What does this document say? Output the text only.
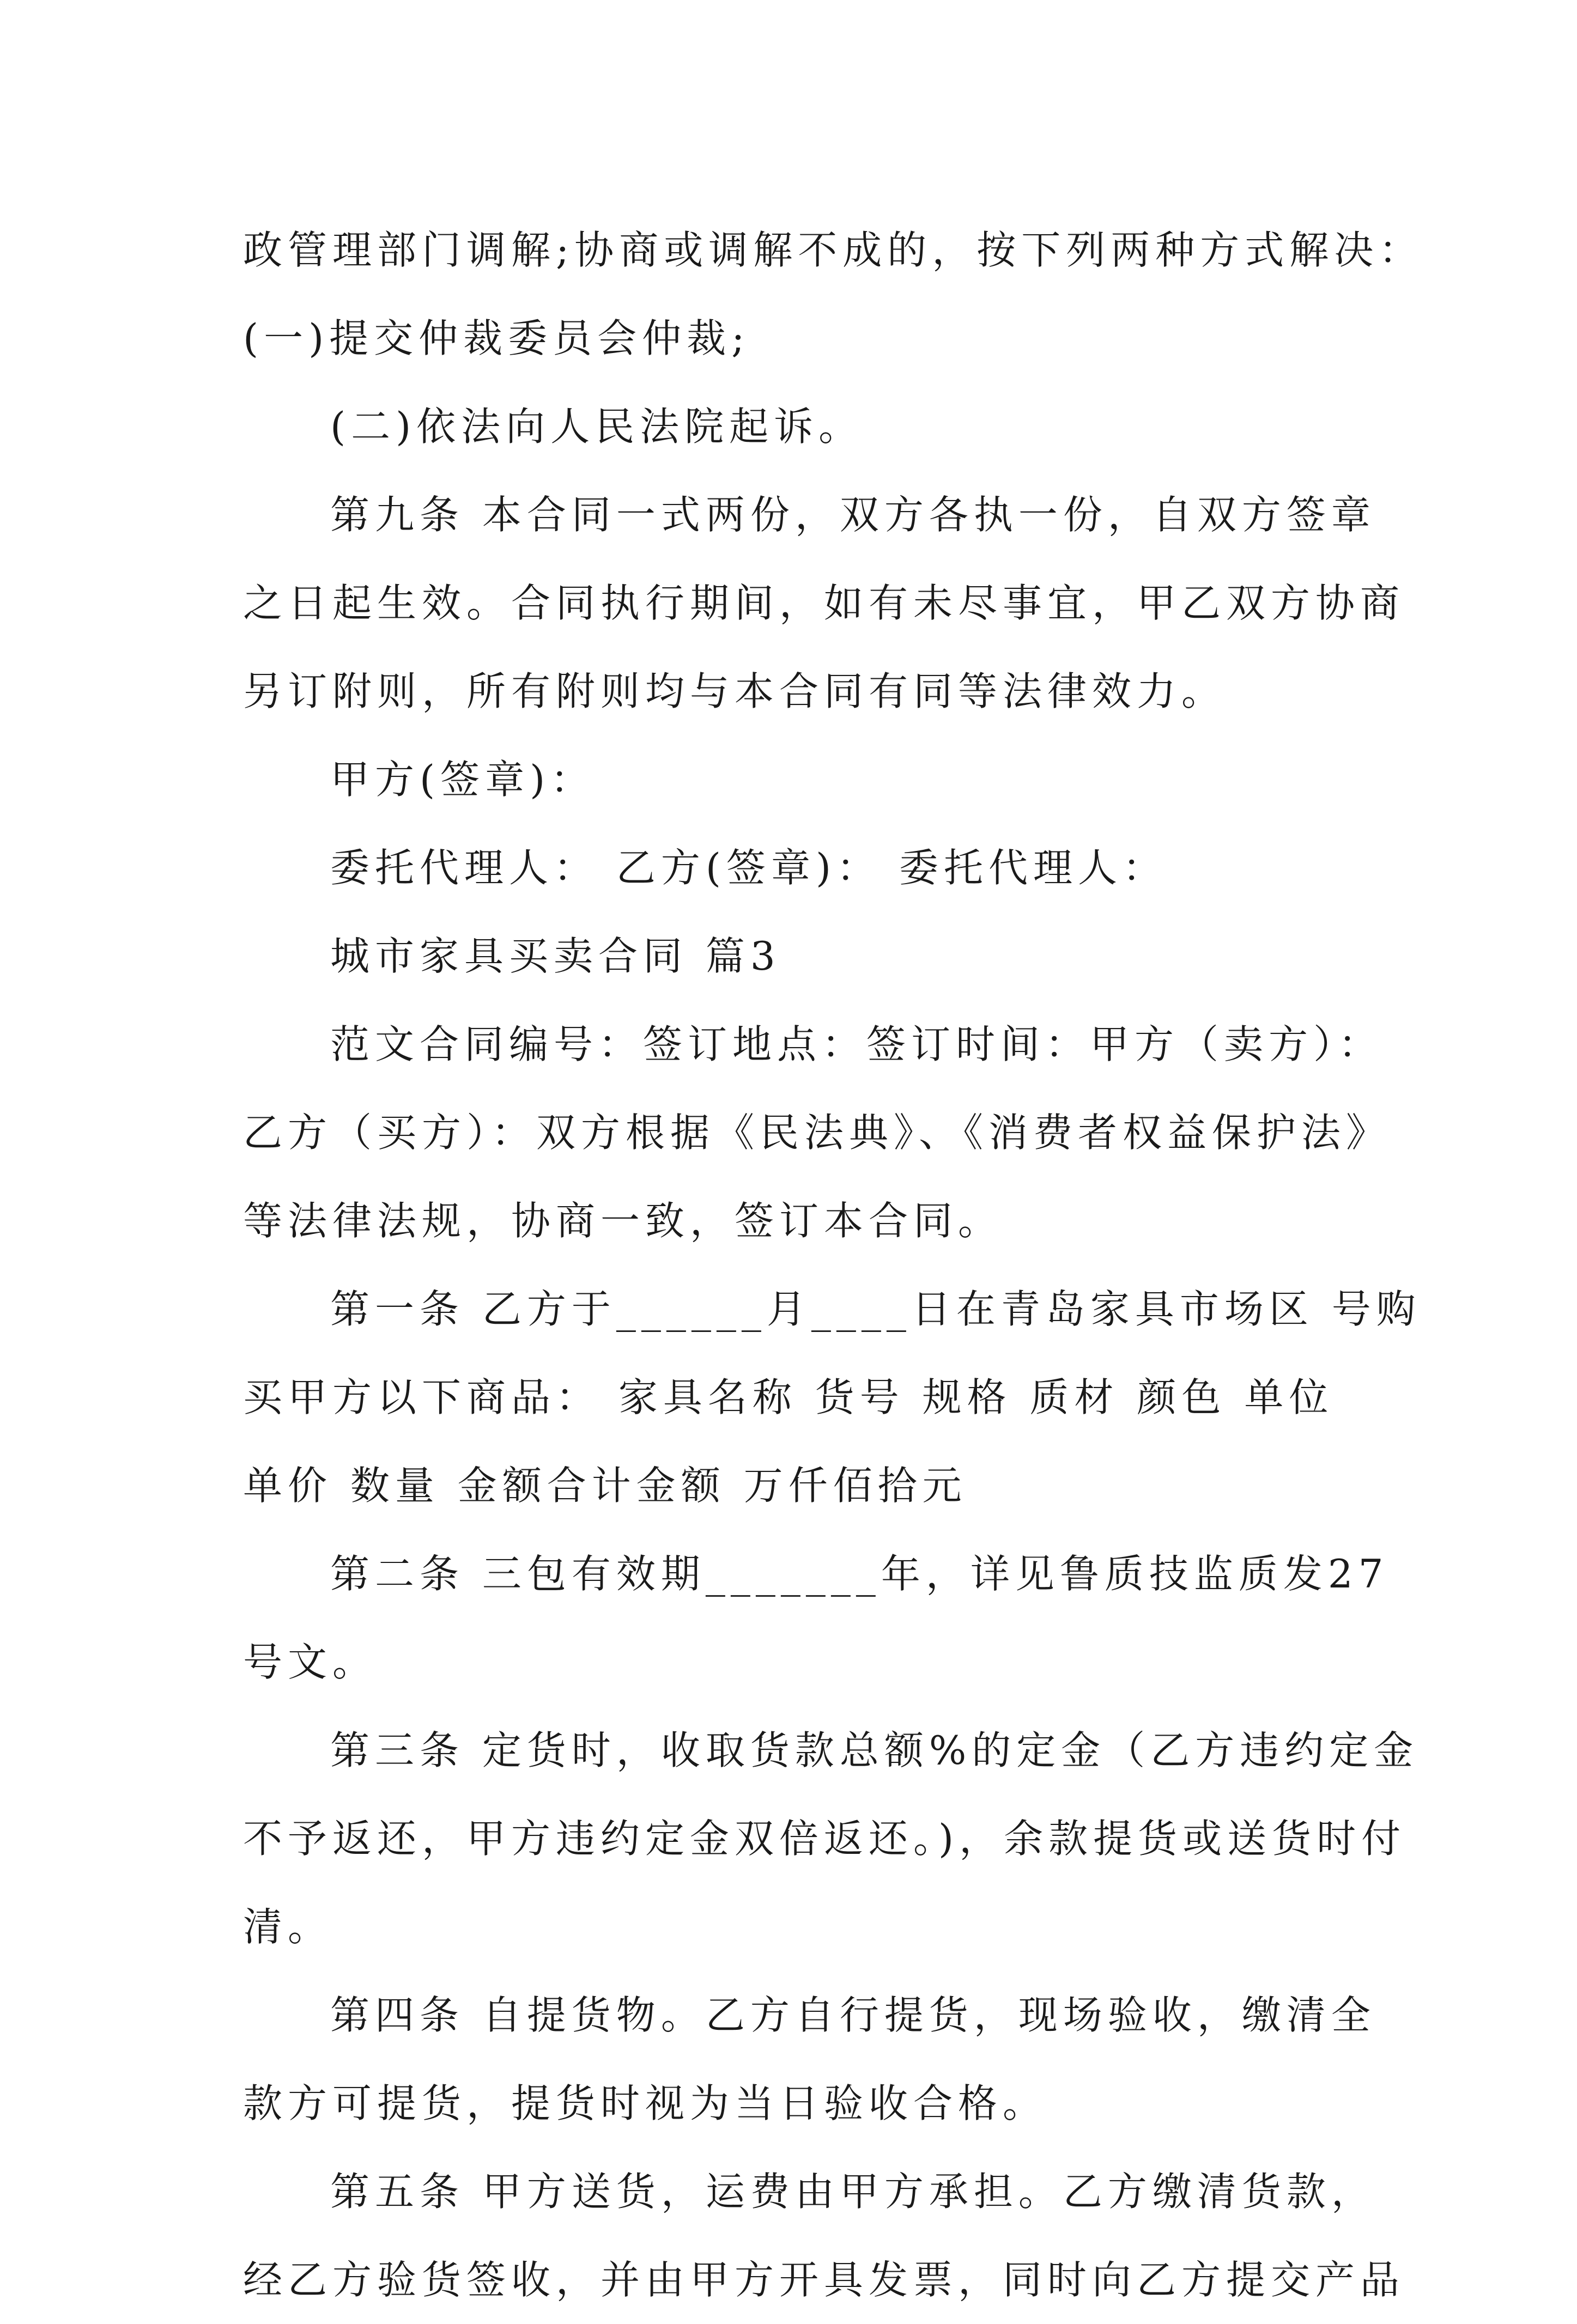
政管理部门调解;协商或调解不成的，按下列两种方式解决：
(一)提交仲裁委员会仲裁;
(二)依法向人民法院起诉。
第九条 本合同一式两份，双方各执一份，自双方签章
之日起生效。合同执行期间，如有未尽事宜，甲乙双方协商
另订附则，所有附则均与本合同有同等法律效力。
甲方(签章)：
委托代理人： 乙方(签章)： 委托代理人：
城市家具买卖合同 篇3
范文合同编号：签订地点：签订时间：甲方（卖方）：
乙方（买方）：双方根据《民法典》、《消费者权益保护法》
等法律法规，协商一致，签订本合同。
第一条 乙方于______月____日在青岛家具市场区 号购
买甲方以下商品： 家具名称 货号 规格 质材 颜色 单位
单价 数量 金额合计金额 万仟佰拾元
第二条 三包有效期_______年，详见鲁质技监质发27
号文。
第三条 定货时，收取货款总额%的定金（乙方违约定金
不予返还，甲方违约定金双倍返还。)，余款提货或送货时付
清。
第四条 自提货物。乙方自行提货，现场验收，缴清全
款方可提货，提货时视为当日验收合格。
第五条 甲方送货，运费由甲方承担。乙方缴清货款，
经乙方验货签收，并由甲方开具发票，同时向乙方提交产品
